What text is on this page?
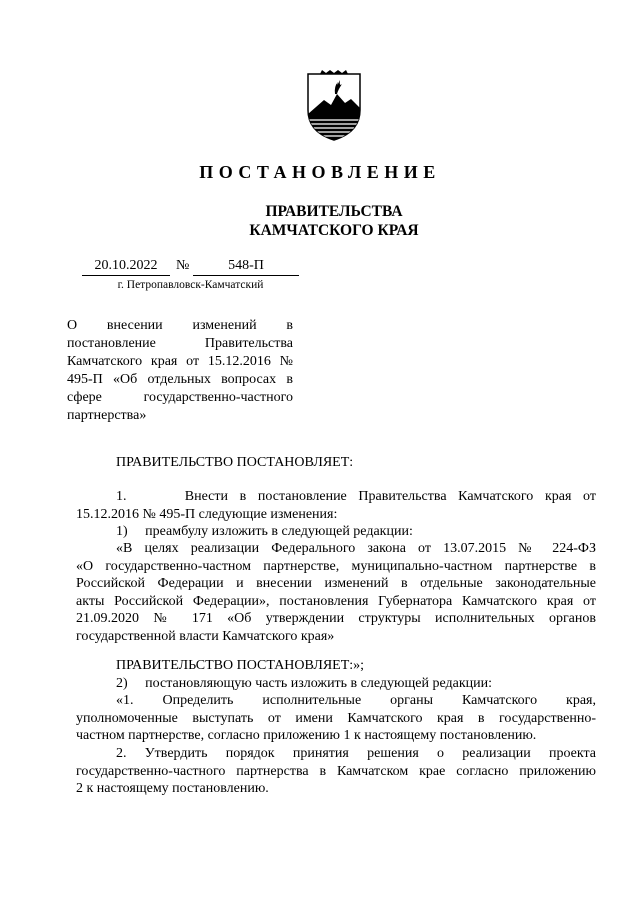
ПОСТАНОВЛЕНИЕ
ПРАВИТЕЛЬСТВА
КАМЧАТСКОГО КРАЯ
20.10.2022	№	548-П
г. Петропавловск-Камчатский
О внесении изменений в постановление Правительства Камчатского края от 15.12.2016 № 495-П «Об отдельных вопросах в сфере государственно-частного партнерства»
ПРАВИТЕЛЬСТВО ПОСТАНОВЛЯЕТ:
1.     Внести в постановление Правительства Камчатского края от
15.12.2016 № 495-П следующие изменения:
1)     преамбулу изложить в следующей редакции:
«В целях реализации Федерального закона от 13.07.2015 № 224-ФЗ
«О государственно-частном партнерстве, муниципально-частном партнерстве в
Российской Федерации и внесении изменений в отдельные законодательные
акты Российской Федерации», постановления Губернатора Камчатского края от
21.09.2020 № 171 «Об утверждении структуры исполнительных органов
государственной власти Камчатского края»
ПРАВИТЕЛЬСТВО ПОСТАНОВЛЯЕТ:»;
2)     постановляющую часть изложить в следующей редакции:
«1. Определить исполнительные органы Камчатского края,
уполномоченные выступать от имени Камчатского края в государственно-
частном партнерстве, согласно приложению 1 к настоящему постановлению.
2. Утвердить порядок принятия решения о реализации проекта
государственно-частного партнерства в Камчатском крае согласно приложению
2 к настоящему постановлению.
